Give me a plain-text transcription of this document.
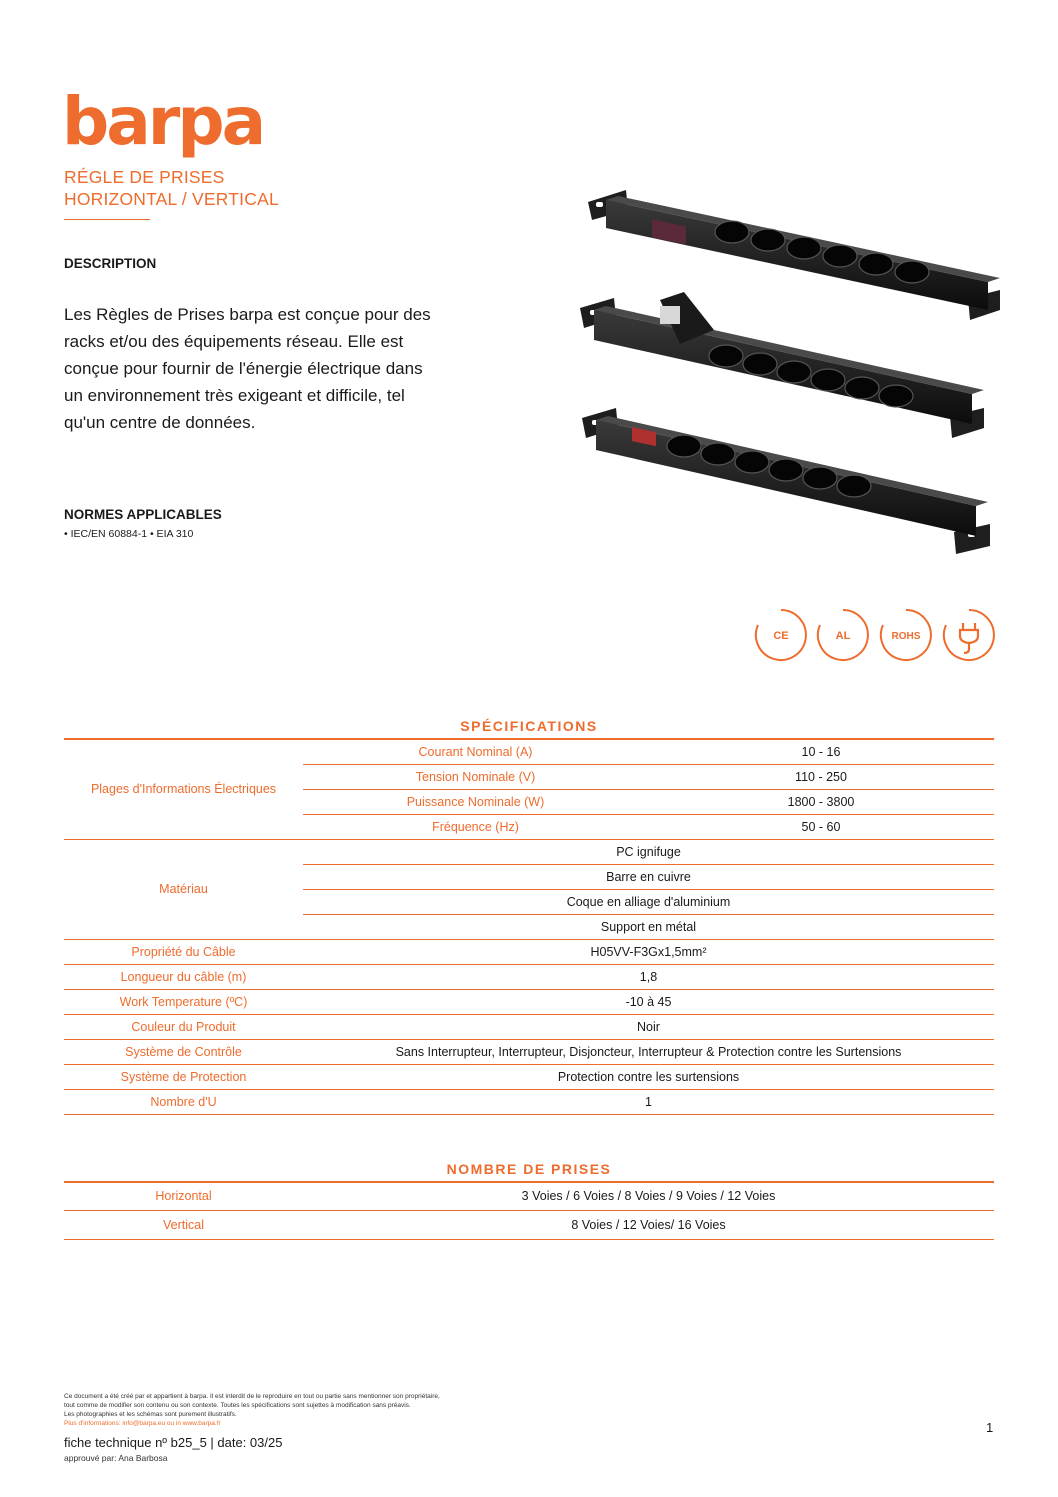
barpa
RÉGLE DE PRISES
HORIZONTAL / VERTICAL
DESCRIPTION
Les Règles de Prises barpa est conçue pour des racks et/ou des équipements réseau. Elle est conçue pour fournir de l'énergie électrique dans un environnement très exigeant et difficile, tel qu'un centre de données.
NORMES APPLICABLES
• IEC/EN 60884-1 • EIA 310
CE	AL	ROHS
SPÉCIFICATIONS
Plages d'Informations Électriques	Courant Nominal (A)	10 - 16
	Tension Nominale (V)	110 - 250
	Puissance Nominale (W)	1800 - 3800
	Fréquence (Hz)	50 - 60
Matériau	PC ignifuge	
	Barre en cuivre	
	Coque en alliage d'aluminium	
	Support en métal	
Propriété du Câble	H05VV-F3Gx1,5mm²	
Longueur du câble (m)	1,8	
Work Temperature (ºC)	-10 à 45	
Couleur du Produit	Noir	
Système de Contrôle	Sans Interrupteur, Interrupteur, Disjoncteur, Interrupteur & Protection contre les Surtensions	
Système de Protection	Protection contre les surtensions	
Nombre d'U	1	
NOMBRE DE PRISES
Horizontal	3 Voies / 6 Voies / 8 Voies / 9 Voies / 12 Voies
Vertical	8 Voies / 12 Voies/ 16 Voies
Ce document a été créé par et appartient à barpa. Il est interdit de le reproduire en tout ou partie sans mentionner son propriétaire,
tout comme de modifier son contenu ou son contexte. Toutes les spécifications sont sujettes à modification sans préavis.
Les photographies et les schémas sont purement illustratifs.
Plus d'informations: info@barpa.eu ou in www.barpa.fr
fiche technique nº b25_5 | date: 03/25
approuvé par: Ana Barbosa
1
